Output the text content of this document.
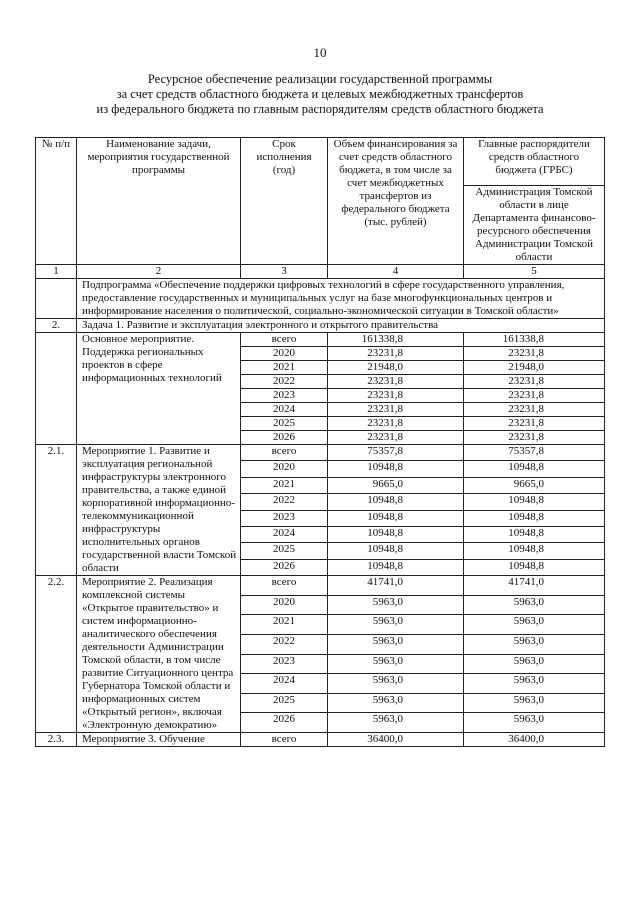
10
Ресурсное обеспечение реализации государственной программы
за счет средств областного бюджета и целевых межбюджетных трансфертов
из федерального бюджета по главным распорядителям средств областного бюджета
№ п/п	Наименование задачи, мероприятия государственной программы	Срок исполнения (год)	Объем финансирования за счет средств областного бюджета, в том числе за счет межбюджетных трансфертов из федерального бюджета (тыс. рублей)	Главные распорядители средств областного бюджета (ГРБС)
				Администрация Томской области в лице Департамента финансово-ресурсного обеспечения Администрации Томской области
1	2	3	4	5
	Подпрограмма «Обеспечение поддержки цифровых технологий в сфере государственного управления, предоставление государственных и муниципальных услуг на базе многофункциональных центров и информирование населения о политической, социально-экономической ситуации в Томской области»			
2.	Задача 1. Развитие и эксплуатация электронного и открытого правительства			
	Основное мероприятие. Поддержка региональных проектов в сфере информационных технологий	всего	161338,8	161338,8
		2020	23231,8	23231,8
		2021	21948,0	21948,0
		2022	23231,8	23231,8
		2023	23231,8	23231,8
		2024	23231,8	23231,8
		2025	23231,8	23231,8
		2026	23231,8	23231,8
2.1.	Мероприятие 1. Развитие и эксплуатация региональной инфраструктуры электронного правительства, а также единой корпоративной информационно-телекоммуникационной инфраструктуры исполнительных органов государственной власти Томской области	всего	75357,8	75357,8
		2020	10948,8	10948,8
		2021	9665,0	9665,0
		2022	10948,8	10948,8
		2023	10948,8	10948,8
		2024	10948,8	10948,8
		2025	10948,8	10948,8
		2026	10948,8	10948,8
2.2.	Мероприятие 2. Реализация комплексной системы «Открытое правительство» и систем информационно-аналитического обеспечения деятельности Администрации Томской области, в том числе развитие Ситуационного центра Губернатора Томской области и информационных систем «Открытый регион», включая «Электронную демократию»	всего	41741,0	41741,0
		2020	5963,0	5963,0
		2021	5963,0	5963,0
		2022	5963,0	5963,0
		2023	5963,0	5963,0
		2024	5963,0	5963,0
		2025	5963,0	5963,0
		2026	5963,0	5963,0
2.3.	Мероприятие 3. Обучение	всего	36400,0	36400,0
